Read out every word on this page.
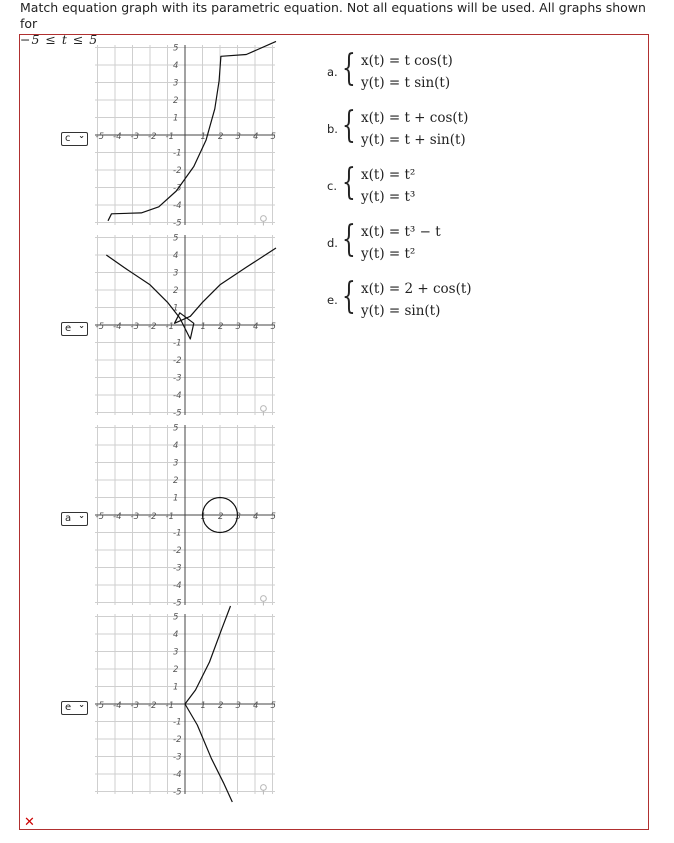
Match equation graph with its parametric equation. Not all equations will be used. All graphs shown for
−5 ≤ t ≤ 5
c ⌄ -5 -4 -3 -2 -1	1 2 3 4 5
5
4
3
2
1
-1
-2
-3
-4
-5	⚲
e ⌄ -5 -4 -3 -2 -1	1 2 3 4 5
5
4
3
2
1
-1
-2
-3
-4
-5	⚲
a ⌄ -5 -4 -3 -2 -1	1 2 3 4 5
5
4
3
2
1
-1
-2
-3
-4
-5	⚲
e ⌄ -5 -4 -3 -2 -1	1 2 3 4 5
5
4
3
2
1
-1
-2
-3
-4
-5	⚲
a. { x(t) = t cos(t)
y(t) = t sin(t)
b. { x(t) = t + cos(t)
y(t) = t + sin(t)
c. { x(t) = t²
y(t) = t³
d. { x(t) = t³ − t
y(t) = t²
e. { x(t) = 2 + cos(t)
y(t) = sin(t)
✕
